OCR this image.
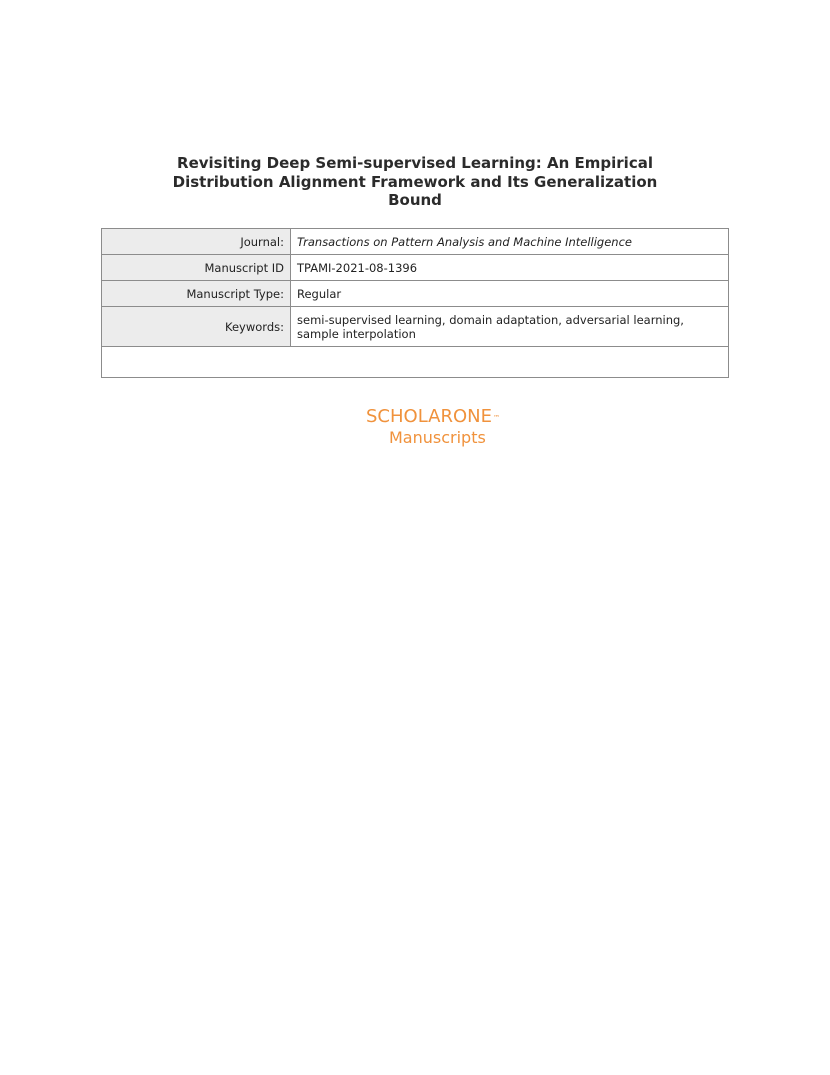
Revisiting Deep Semi-supervised Learning: An Empirical Distribution Alignment Framework and Its Generalization Bound
Journal:	Transactions on Pattern Analysis and Machine Intelligence
Manuscript ID	TPAMI-2021-08-1396
Manuscript Type:	Regular
Keywords:	semi-supervised learning, domain adaptation, adversarial learning, sample interpolation

SCHOLARONE™
Manuscripts
